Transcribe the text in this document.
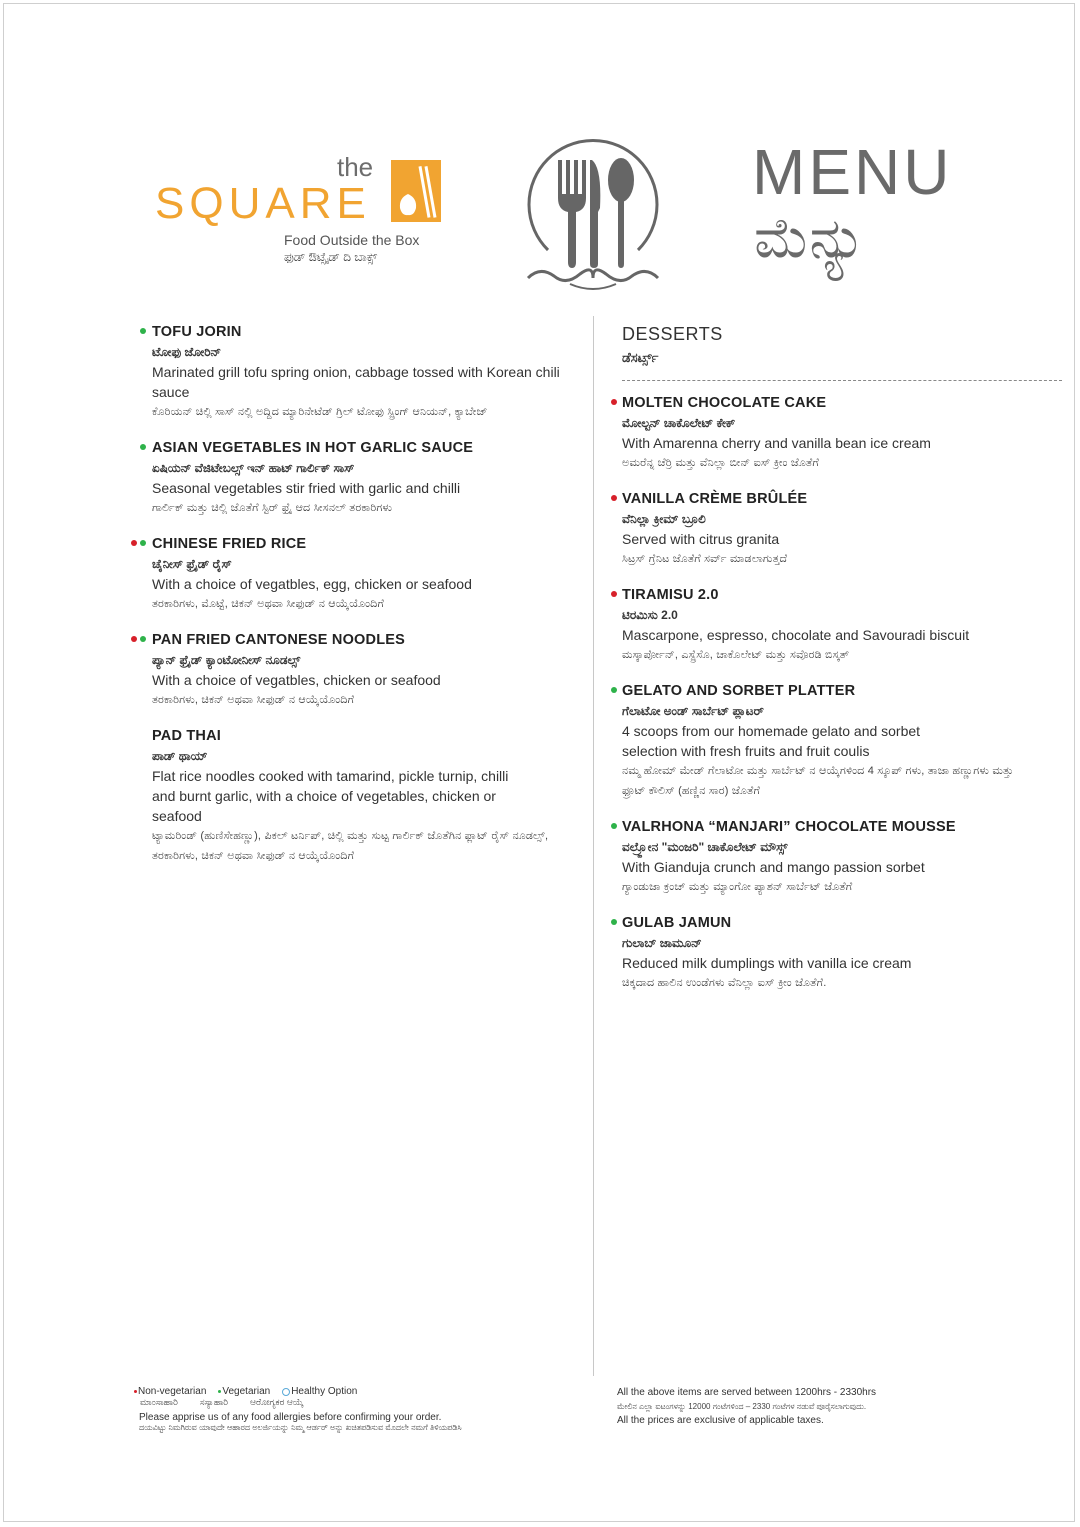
the
SQUARE
Food Outside the Box
ಫುಡ್ ಔಟ್ಸೈಡ್ ದಿ ಬಾಕ್ಸ್
MENU
ಮೆನ್ಯು
TOFU JORIN
ಟೋಫು ಜೋರಿನ್
Marinated grill tofu spring onion, cabbage tossed with Korean chili sauce
ಕೊರಿಯನ್ ಚಿಲ್ಲಿ ಸಾಸ್ ನಲ್ಲಿ ಅದ್ದಿದ ಮ್ಯಾರಿನೇಟೆಡ್ ಗ್ರಿಲ್ ಟೋಫು ಸ್ಪ್ರಿಂಗ್ ಆನಿಯನ್, ಕ್ಯಾಬೇಜ್
ASIAN VEGETABLES IN HOT GARLIC SAUCE
ಏಷಿಯನ್ ವೆಜಿಟೇಬಲ್ಸ್ ಇನ್ ಹಾಟ್ ಗಾರ್ಲಿಕ್ ಸಾಸ್
Seasonal vegetables stir fried with garlic and chilli
ಗಾರ್ಲಿಕ್ ಮತ್ತು ಚಿಲ್ಲಿ ಜೊತೆಗೆ ಸ್ಟಿರ್ ಫ್ರೈ ಆದ ಸೀಸನಲ್ ತರಕಾರಿಗಳು
CHINESE FRIED RICE
ಚೈನೀಸ್ ಫ್ರೈಡ್ ರೈಸ್
With a choice of vegatbles, egg, chicken or seafood
ತರಕಾರಿಗಳು, ಮೊಟ್ಟೆ, ಚಿಕನ್ ಅಥವಾ ಸೀಫುಡ್ ನ ಆಯ್ಕೆಯೊಂದಿಗೆ
PAN FRIED CANTONESE NOODLES
ಪ್ಯಾನ್ ಫ್ರೈಡ್ ಕ್ಯಾಂಟೋನೀಸ್ ನೂಡಲ್ಸ್
With a choice of vegatbles, chicken or seafood
ತರಕಾರಿಗಳು, ಚಿಕನ್ ಅಥವಾ ಸೀಫುಡ್ ನ ಆಯ್ಕೆಯೊಂದಿಗೆ
PAD THAI
ಪಾಡ್ ಥಾಯ್
Flat rice noodles cooked with tamarind, pickle turnip, chilli and burnt garlic, with a choice of vegetables, chicken or seafood
ಟ್ಯಾಮರಿಂಡ್ (ಹುಣಿಸೇಹಣ್ಣು), ಪಿಕಲ್ ಟರ್ನಿಪ್, ಚಿಲ್ಲಿ ಮತ್ತು ಸುಟ್ಟ ಗಾರ್ಲಿಕ್ ಜೊತೆಗಿನ ಫ್ಲಾಟ್ ರೈಸ್ ನೂಡಲ್ಸ್, ತರಕಾರಿಗಳು, ಚಿಕನ್ ಅಥವಾ ಸೀಫುಡ್ ನ ಆಯ್ಕೆಯೊಂದಿಗೆ
DESSERTS
ಡೆಸರ್ಟ್ಸ್
MOLTEN CHOCOLATE CAKE
ಮೋಲ್ಟನ್ ಚಾಕೊಲೇಟ್ ಕೇಕ್
With Amarenna cherry and vanilla bean ice cream
ಅಮರೆನ್ನ ಚೆರ್ರಿ ಮತ್ತು ವೆನಿಲ್ಲಾ ಬೀನ್ ಐಸ್ ಕ್ರೀಂ ಜೊತೆಗೆ
VANILLA CRÈME BRÛLÉE
ವೆನಿಲ್ಲಾ ಕ್ರೀಮ್ ಬ್ರೂಲಿ
Served with citrus granita
ಸಿಟ್ರಸ್ ಗ್ರೆನಿಟ ಜೊತೆಗೆ ಸರ್ವ್ ಮಾಡಲಾಗುತ್ತದೆ
TIRAMISU 2.0
ಟಿರಮಿಸು 2.0
Mascarpone, espresso, chocolate and Savouradi biscuit
ಮಸ್ಕಾರ್ಪೋನ್, ಎಸ್ಪ್ರೆಸೊ, ಚಾಕೊಲೇಟ್ ಮತ್ತು ಸವೊರಡಿ ಬಿಸ್ಕತ್
GELATO AND SORBET PLATTER
ಗೆಲಾಟೋ ಅಂಡ್ ಸಾರ್ಬೆಟ್ ಪ್ಲಾಟರ್
4 scoops from our homemade gelato and sorbet selection with fresh fruits and fruit coulis
ನಮ್ಮ ಹೋಮ್ ಮೇಡ್ ಗೆಲಾಟೋ ಮತ್ತು ಸಾರ್ಬೆಟ್ ನ ಆಯ್ಕೆಗಳಿಂದ 4 ಸ್ಕೂಪ್ ಗಳು, ತಾಜಾ ಹಣ್ಣುಗಳು ಮತ್ತು ಫ್ರೂಟ್ ಕೌಲಿಸ್ (ಹಣ್ಣಿನ ಸಾರ) ಜೊತೆಗೆ
VALRHONA “MANJARI” CHOCOLATE MOUSSE
ವಲ್ರ್ಹೋನ "ಮಂಜರಿ" ಚಾಕೊಲೇಟ್ ಮೌಸ್ಸ್
With Gianduja crunch and mango passion sorbet
ಗ್ಯಾಂಡುಜಾ ಕ್ರಂಚ್ ಮತ್ತು ಮ್ಯಾಂಗೋ ಪ್ಯಾಶನ್ ಸಾರ್ಬೆಟ್ ಜೊತೆಗೆ
GULAB JAMUN
ಗುಲಾಬ್ ಜಾಮೂನ್
Reduced milk dumplings with vanilla ice cream
ಚಿಕ್ಕದಾದ ಹಾಲಿನ ಉಂಡೆಗಳು ವೆನಿಲ್ಲಾ ಐಸ್ ಕ್ರೀಂ ಜೊತೆಗೆ.
Non-vegetarian Vegetarian Healthy Option
ಮಾಂಸಾಹಾರಿ ಸಸ್ಯಾಹಾರಿ ಆರೋಗ್ಯಕರ ಆಯ್ಕೆ
Please apprise us of any food allergies before confirming your order.
ದಯವಿಟ್ಟು ನಿಮಗಿರುವ ಯಾವುದೇ ಆಹಾರದ ಅಲರ್ಜಿಯನ್ನು ನಿಮ್ಮ ಆರ್ಡರ್ ಅನ್ನು ಖಚಿತಪಡಿಸುವ ಮೊದಲೇ ನಮಗೆ ತಿಳಿಯಪಡಿಸಿ
All the above items are served between 1200hrs - 2330hrs
ಮೇಲಿನ ಎಲ್ಲಾ ಐಟಂಗಳನ್ನು 12000 ಗಂಟೆಗಳಿಂದ – 2330 ಗಂಟೆಗಳ ನಡುವೆ ಪೂರೈಸಲಾಗುವುದು.
All the prices are exclusive of applicable taxes.
